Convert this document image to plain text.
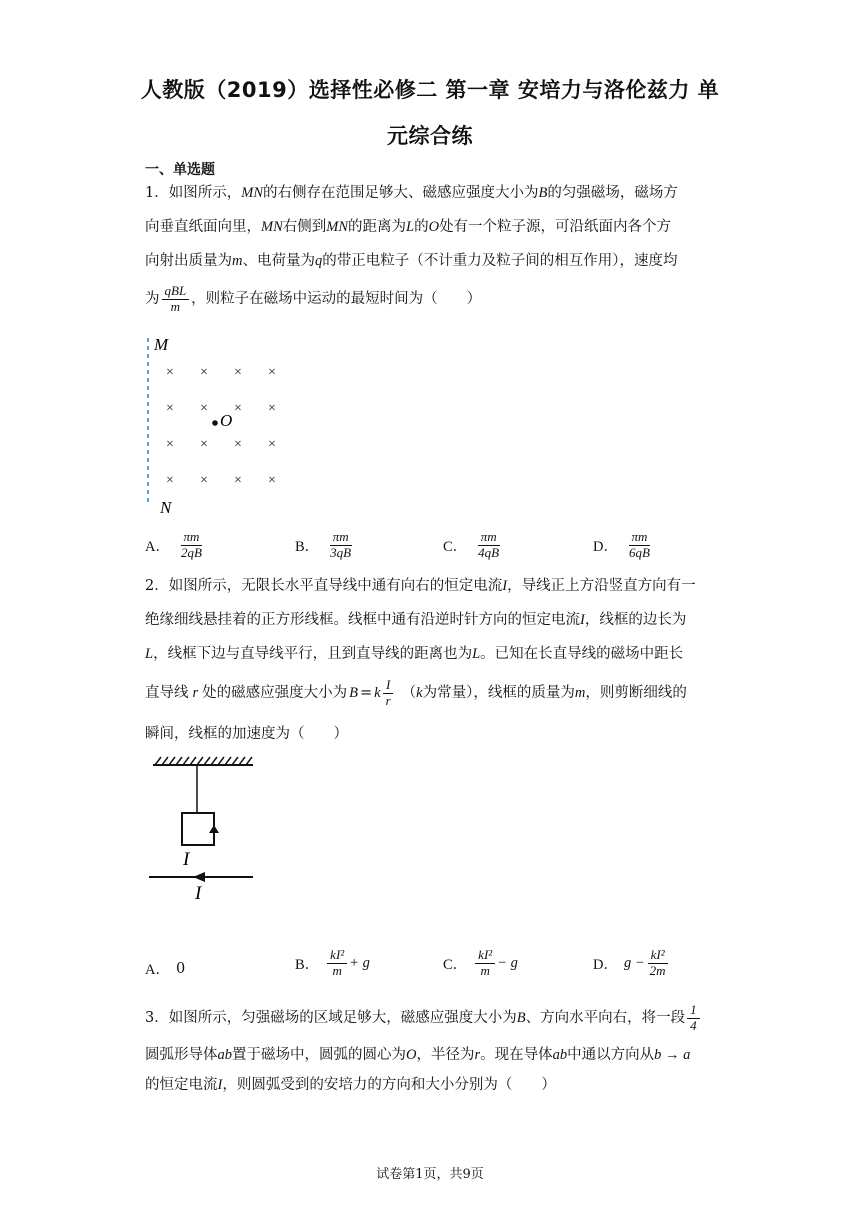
人教版（2019）选择性必修二 第一章 安培力与洛伦兹力 单
元综合练
一、单选题
1．如图所示，MN的右侧存在范围足够大、磁感应强度大小为B的匀强磁场，磁场方
向垂直纸面向里，MN右侧到MN的距离为L的O处有一个粒子源，可沿纸面内各个方
向射出质量为m、电荷量为q的带正电粒子（不计重力及粒子间的相互作用），速度均
为 $\frac{\text{qBL}}{m}$ ，则粒子在磁场中运动的最短时间为（　　）
M
N
× × × ×
× × × ×
× × × ×
× × × ×
O
A． $\frac{\pi m}{2qB}$	B． $\frac{\pi m}{3qB}$	C． $\frac{\pi m}{4qB}$	D． $\frac{\pi m}{6qB}$
2．如图所示，无限长水平直导线中通有向右的恒定电流I，导线正上方沿竖直方向有一
绝缘细线悬挂着的正方形线框。线框中通有沿逆时针方向的恒定电流I，线框的边长为
L，线框下边与直导线平行，且到直导线的距离也为L。已知在长直导线的磁场中距长
直导线 r 处的磁感应强度大小为 B = k $\frac{I}{r}$ （ k 为常量），线框的质量为 m ，则剪断细线的
瞬间，线框的加速度为（　　）
I
I
A． 0	B． $\frac{\text{kI²}}{m} + g$	C． $\frac{\text{kI²}}{m} - g$	D． $g - \frac{\text{kI²}}{2m}$
3．如图所示，匀强磁场的区域足够大，磁感应强度大小为 B 、方向水平向右，将一段 $\frac{1}{4}$
圆弧形导体ab置于磁场中，圆弧的圆心为O，半径为r。现在导体ab中通以方向从b → a
的恒定电流I，则圆弧受到的安培力的方向和大小分别为（　　）
试卷第1页，共9页
